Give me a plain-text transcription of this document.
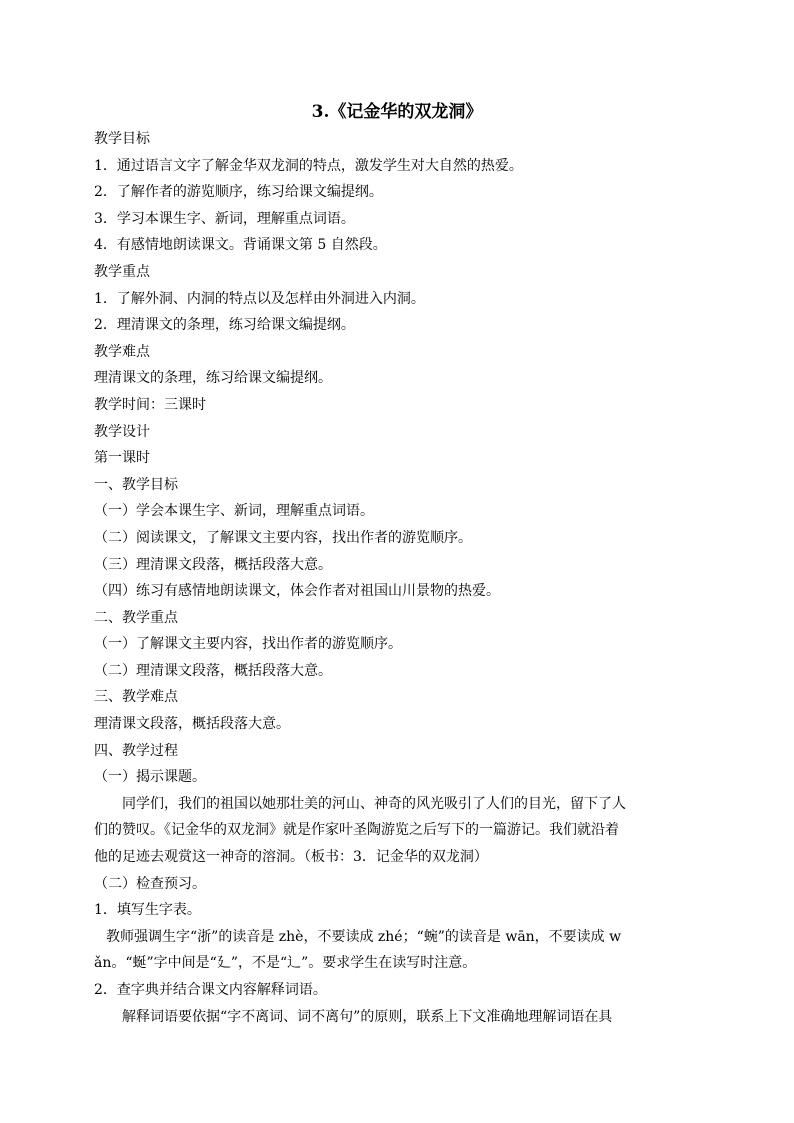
3.《记金华的双龙洞》
教学目标
1．通过语言文字了解金华双龙洞的特点，激发学生对大自然的热爱。
2．了解作者的游览顺序，练习给课文编提纲。
3．学习本课生字、新词，理解重点词语。
4．有感情地朗读课文。背诵课文第 5 自然段。
教学重点
1．了解外洞、内洞的特点以及怎样由外洞进入内洞。
2．理清课文的条理，练习给课文编提纲。
教学难点
理清课文的条理，练习给课文编提纲。
教学时间：三课时
教学设计
第一课时
一、教学目标
（一）学会本课生字、新词，理解重点词语。
（二）阅读课文，了解课文主要内容，找出作者的游览顺序。
（三）理清课文段落，概括段落大意。
（四）练习有感情地朗读课文，体会作者对祖国山川景物的热爱。
二、教学重点
（一）了解课文主要内容，找出作者的游览顺序。
（二）理清课文段落，概括段落大意。
三、教学难点
理清课文段落，概括段落大意。
四、教学过程
（一）揭示课题。
同学们，我们的祖国以她那壮美的河山、神奇的风光吸引了人们的目光，留下了人
们的赞叹。《记金华的双龙洞》就是作家叶圣陶游览之后写下的一篇游记。我们就沿着
他的足迹去观赏这一神奇的溶洞。（板书：3．记金华的双龙洞）
（二）检查预习。
1．填写生字表。
教师强调生字“浙”的读音是 zhè，不要读成 zhé；“蜿”的读音是 wān，不要读成 w
ǎn。“蜒”字中间是“廴”，不是“辶”。要求学生在读写时注意。
2．查字典并结合课文内容解释词语。
解释词语要依据“字不离词、词不离句”的原则，联系上下文准确地理解词语在具
